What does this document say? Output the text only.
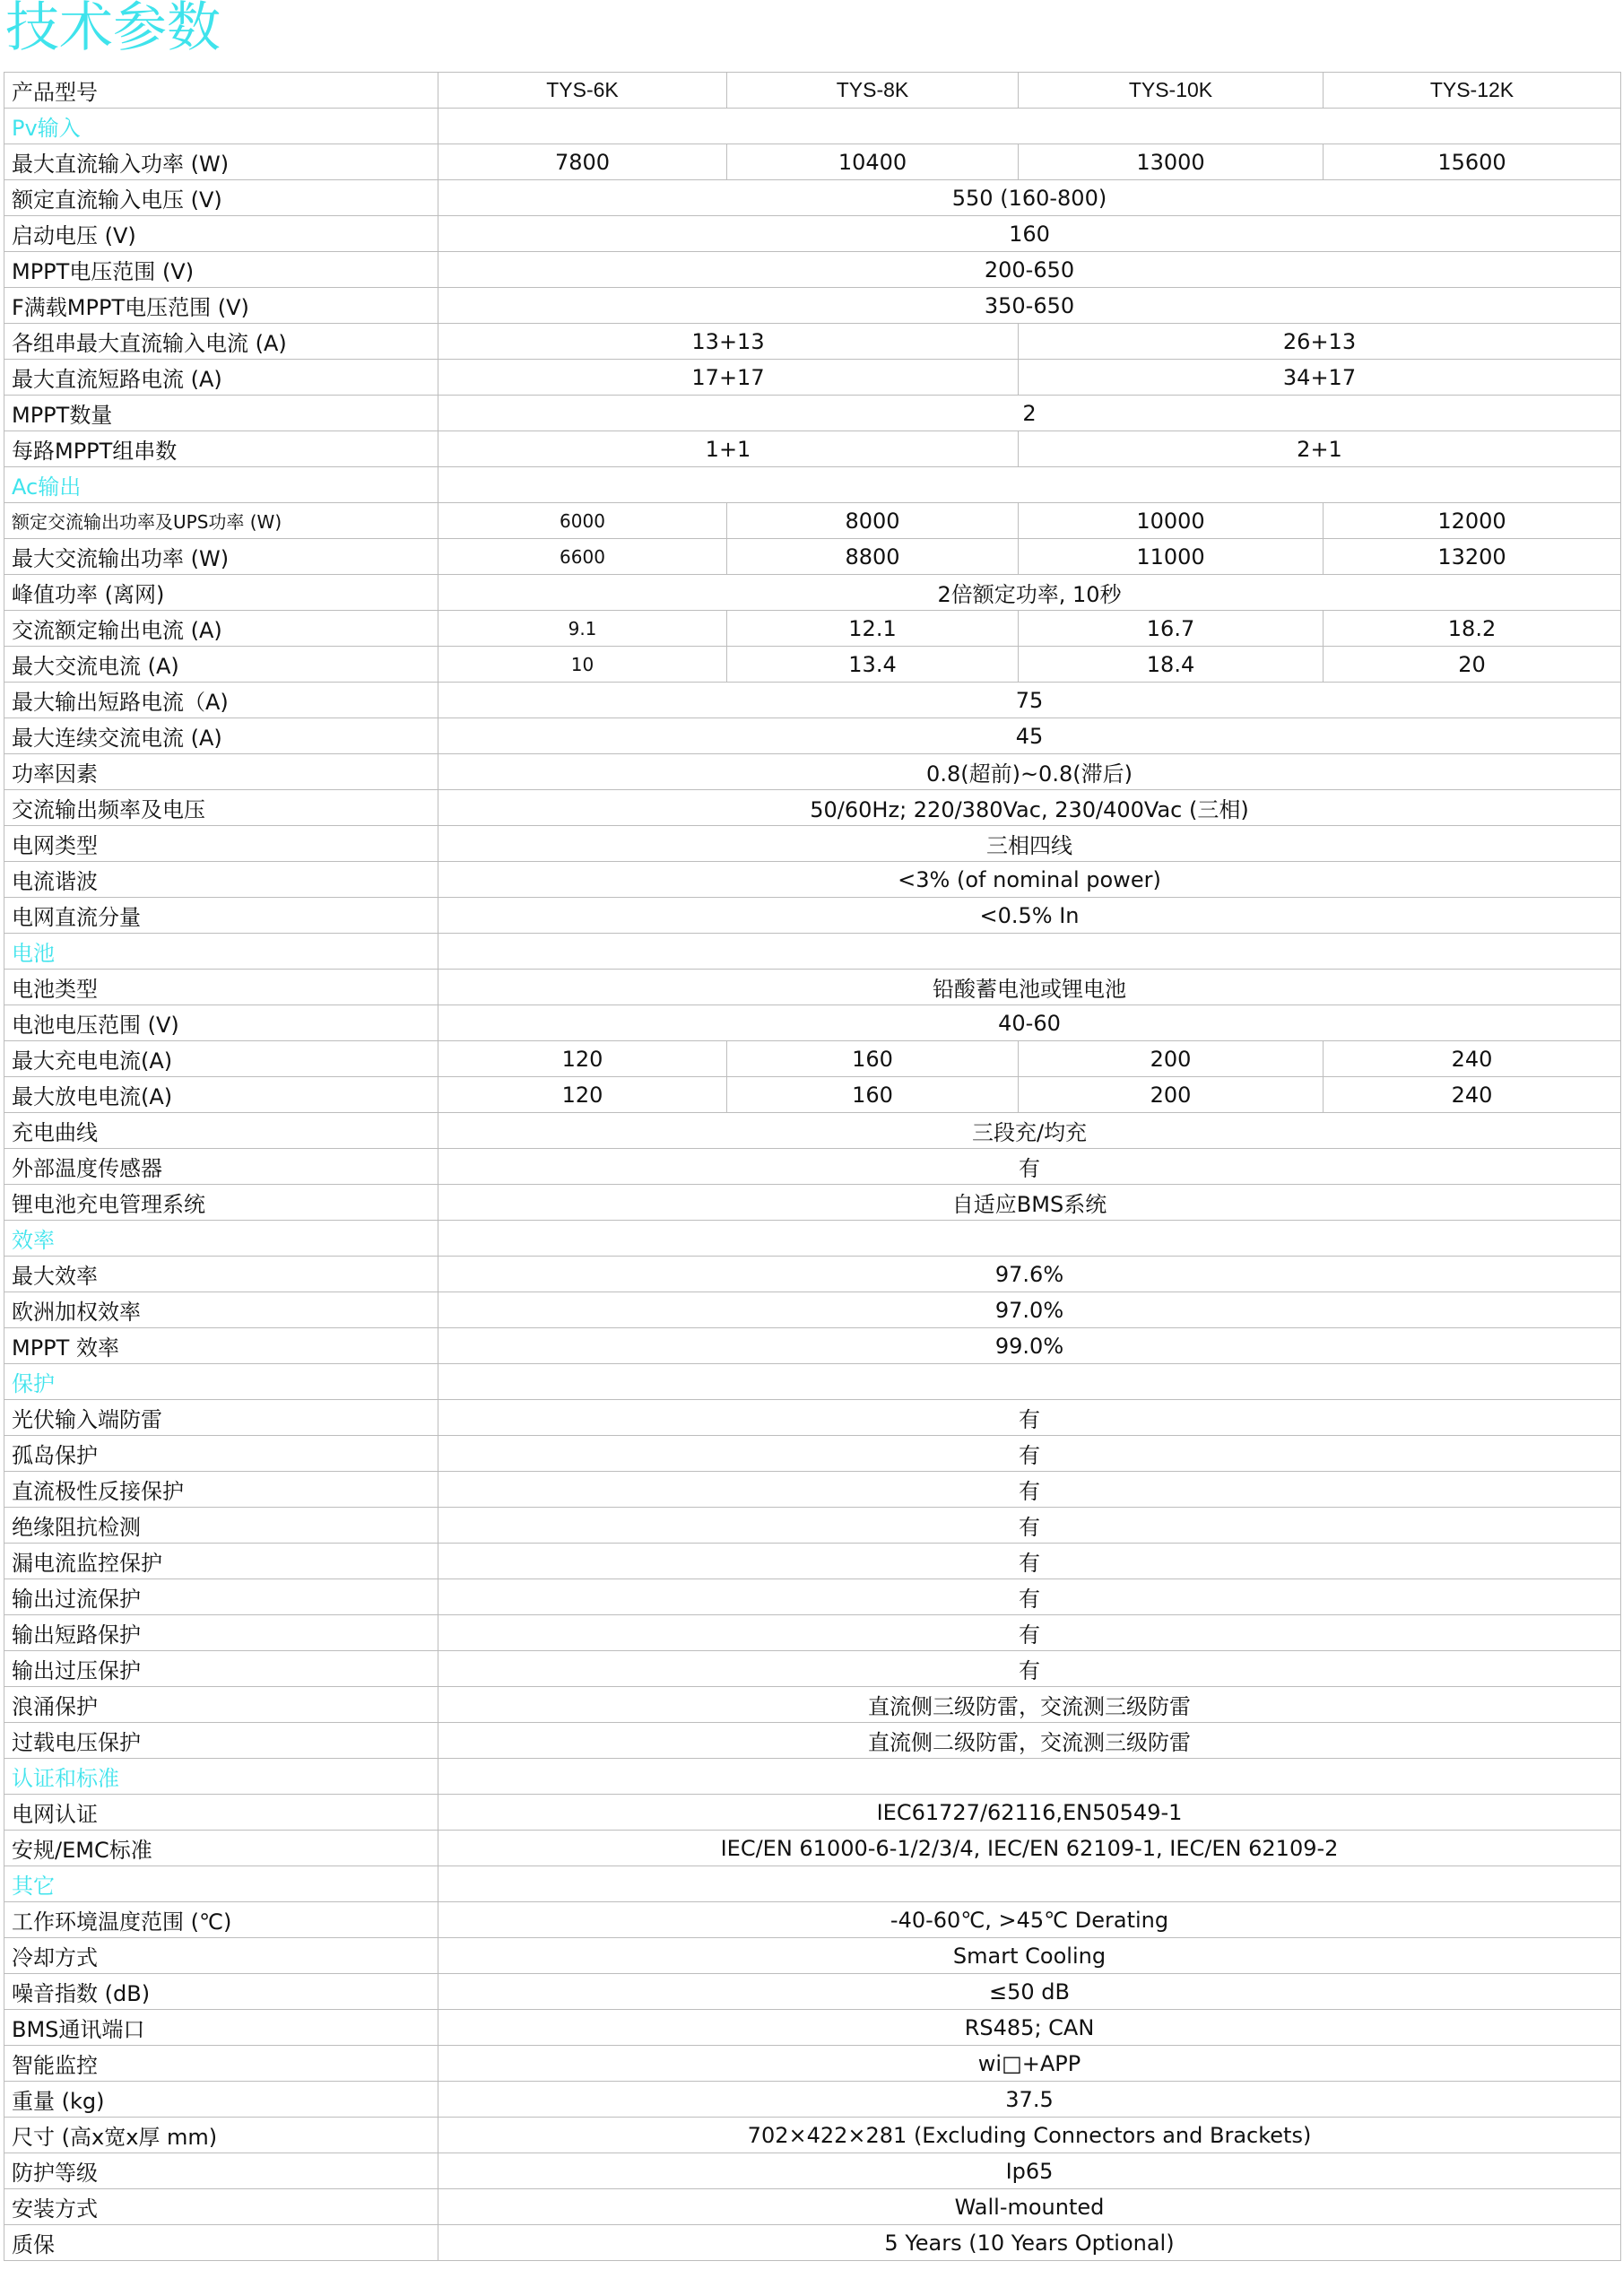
技术参数
产品型号	TYS-6K	TYS-8K	TYS-10K	TYS-12K
Pv输入				
最大直流输入功率 (W)	7800	10400	13000	15600
额定直流输入电压 (V)	550 (160-800)			
启动电压 (V)	160			
MPPT电压范围 (V)	200-650			
F满载MPPT电压范围 (V)	350-650			
各组串最大直流输入电流 (A)	13+13		26+13	
最大直流短路电流 (A)	17+17		34+17	
MPPT数量	2			
每路MPPT组串数	1+1		2+1	
Ac输出				
额定交流输出功率及UPS功率 (W)	6000	8000	10000	12000
最大交流输出功率 (W)	6600	8800	11000	13200
峰值功率 (离网)	2倍额定功率, 10秒			
交流额定输出电流 (A)	9.1	12.1	16.7	18.2
最大交流电流 (A)	10	13.4	18.4	20
最大输出短路电流（A)	75			
最大连续交流电流 (A)	45			
功率因素	0.8(超前)~0.8(滞后)			
交流输出频率及电压	50/60Hz; 220/380Vac, 230/400Vac (三相)			
电网类型	三相四线			
电流谐波	<3% (of nominal power)			
电网直流分量	<0.5% In			
电池				
电池类型	铅酸蓄电池或锂电池			
电池电压范围 (V)	40-60			
最大充电电流(A)	120	160	200	240
最大放电电流(A)	120	160	200	240
充电曲线	三段充/均充			
外部温度传感器	有			
锂电池充电管理系统	自适应BMS系统			
效率				
最大效率	97.6%			
欧洲加权效率	97.0%			
MPPT 效率	99.0%			
保护				
光伏输入端防雷	有			
孤岛保护	有			
直流极性反接保护	有			
绝缘阻抗检测	有			
漏电流监控保护	有			
输出过流保护	有			
输出短路保护	有			
输出过压保护	有			
浪涌保护	直流侧三级防雷，交流测三级防雷			
过载电压保护	直流侧二级防雷，交流测三级防雷			
认证和标准				
电网认证	IEC61727/62116,EN50549-1			
安规/EMC标准	IEC/EN 61000-6-1/2/3/4, IEC/EN 62109-1, IEC/EN 62109-2			
其它				
工作环境温度范围 (℃)	-40-60℃, >45℃ Derating			
冷却方式	Smart Cooling			
噪音指数 (dB)	≤50 dB			
BMS通讯端口	RS485; CAN			
智能监控	wi□+APP			
重量 (kg)	37.5			
尺寸 (高x宽x厚 mm)	702×422×281 (Excluding Connectors and Brackets)			
防护等级	Ip65			
安装方式	Wall-mounted			
质保	5 Years (10 Years Optional)			
